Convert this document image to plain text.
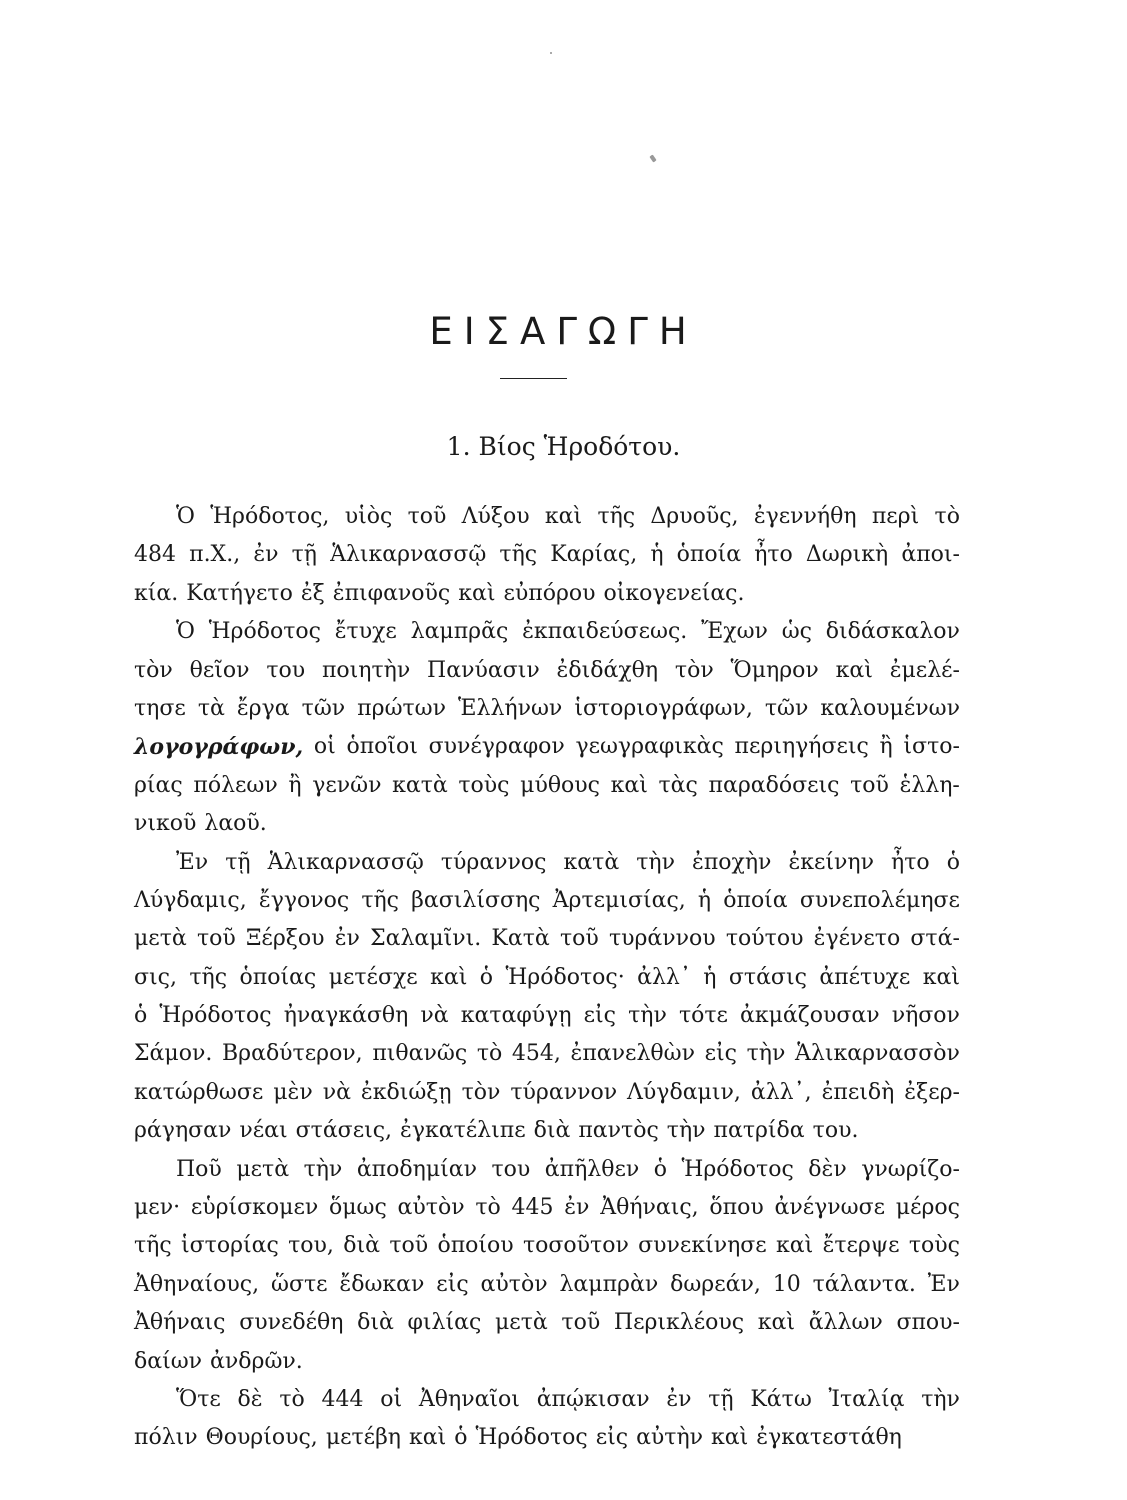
ΕΙΣΑΓΩΓΗ
1. Βίος Ἡροδότου.
Ὁ Ἡρόδοτος, υἱὸς τοῦ Λύξου καὶ τῆς Δρυοῦς, ἐγεννήθη περὶ τὸ
484 π.Χ., ἐν τῇ Ἁλικαρνασσῷ τῆς Καρίας, ἡ ὁποία ἦτο Δωρικὴ ἀποι-
κία. Κατήγετο ἐξ ἐπιφανοῦς καὶ εὐπόρου οἰκογενείας.
Ὁ Ἡρόδοτος ἔτυχε λαμπρᾶς ἐκπαιδεύσεως. Ἔχων ὡς διδάσκαλον
τὸν θεῖον του ποιητὴν Πανύασιν ἐδιδάχθη τὸν Ὅμηρον καὶ ἐμελέ-
τησε τὰ ἔργα τῶν πρώτων Ἑλλήνων ἱστοριογράφων, τῶν καλουμένων
λογογράφων, οἱ ὁποῖοι συνέγραφον γεωγραφικὰς περιηγήσεις ἢ ἱστο-
ρίας πόλεων ἢ γενῶν κατὰ τοὺς μύθους καὶ τὰς παραδόσεις τοῦ ἑλλη-
νικοῦ λαοῦ.
Ἐν τῇ Ἁλικαρνασσῷ τύραννος κατὰ τὴν ἐποχὴν ἐκείνην ἦτο ὁ
Λύγδαμις, ἔγγονος τῆς βασιλίσσης Ἀρτεμισίας, ἡ ὁποία συνεπολέμησε
μετὰ τοῦ Ξέρξου ἐν Σαλαμῖνι. Κατὰ τοῦ τυράννου τούτου ἐγένετο στά-
σις, τῆς ὁποίας μετέσχε καὶ ὁ Ἡρόδοτος· ἀλλ᾽ ἡ στάσις ἀπέτυχε καὶ
ὁ Ἡρόδοτος ἠναγκάσθη νὰ καταφύγῃ εἰς τὴν τότε ἀκμάζουσαν νῆσον
Σάμον. Βραδύτερον, πιθανῶς τὸ 454, ἐπανελθὼν εἰς τὴν Ἁλικαρνασσὸν
κατώρθωσε μὲν νὰ ἐκδιώξῃ τὸν τύραννον Λύγδαμιν, ἀλλ᾽, ἐπειδὴ ἐξερ-
ράγησαν νέαι στάσεις, ἐγκατέλιπε διὰ παντὸς τὴν πατρίδα του.
Ποῦ μετὰ τὴν ἀποδημίαν του ἀπῆλθεν ὁ Ἡρόδοτος δὲν γνωρίζο-
μεν· εὑρίσκομεν ὅμως αὐτὸν τὸ 445 ἐν Ἀθήναις, ὅπου ἀνέγνωσε μέρος
τῆς ἱστορίας του, διὰ τοῦ ὁποίου τοσοῦτον συνεκίνησε καὶ ἔτερψε τοὺς
Ἀθηναίους, ὥστε ἔδωκαν εἰς αὐτὸν λαμπρὰν δωρεάν, 10 τάλαντα. Ἐν
Ἀθήναις συνεδέθη διὰ φιλίας μετὰ τοῦ Περικλέους καὶ ἄλλων σπου-
δαίων ἀνδρῶν.
Ὅτε δὲ τὸ 444 οἱ Ἀθηναῖοι ἀπῴκισαν ἐν τῇ Κάτω Ἰταλίᾳ τὴν
πόλιν Θουρίους, μετέβη καὶ ὁ Ἡρόδοτος εἰς αὐτὴν καὶ ἐγκατεστάθη
